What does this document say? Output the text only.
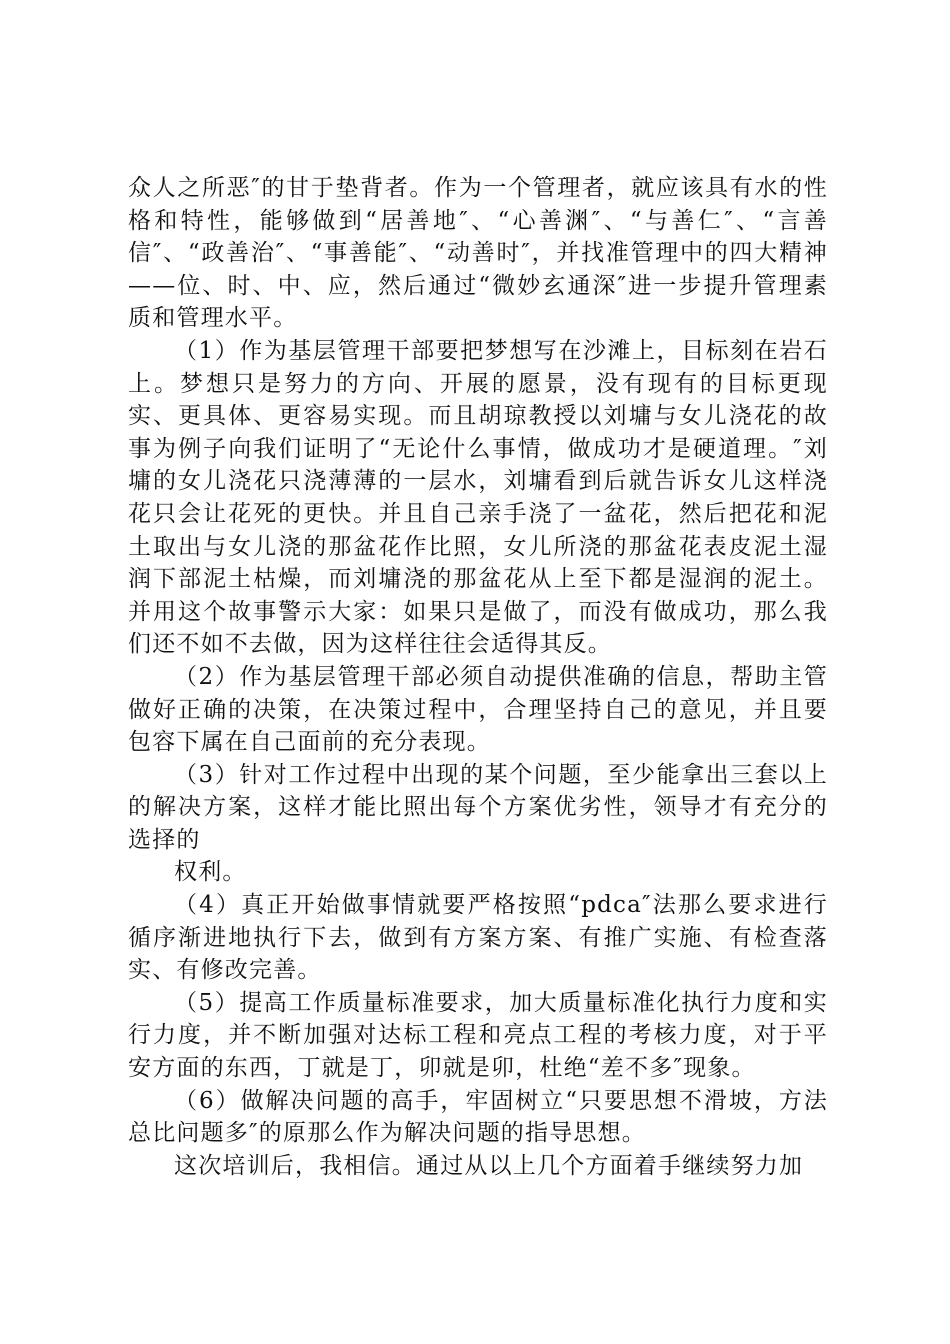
众人之所恶″的甘于垫背者。作为一个管理者，就应该具有水的性格和特性，能够做到“居善地″、“心善渊″、“与善仁″、“言善信″、“政善治″、“事善能″、“动善时″，并找准管理中的四大精神——位、时、中、应，然后通过“微妙玄通深″进一步提升管理素质和管理水平。

（1）作为基层管理干部要把梦想写在沙滩上，目标刻在岩石上。梦想只是努力的方向、开展的愿景，没有现有的目标更现实、更具体、更容易实现。而且胡琼教授以刘墉与女儿浇花的故事为例子向我们证明了“无论什么事情，做成功才是硬道理。″刘墉的女儿浇花只浇薄薄的一层水，刘墉看到后就告诉女儿这样浇花只会让花死的更快。并且自己亲手浇了一盆花，然后把花和泥土取出与女儿浇的那盆花作比照，女儿所浇的那盆花表皮泥土湿润下部泥土枯燥，而刘墉浇的那盆花从上至下都是湿润的泥土。并用这个故事警示大家：如果只是做了，而没有做成功，那么我们还不如不去做，因为这样往往会适得其反。

（2）作为基层管理干部必须自动提供准确的信息，帮助主管做好正确的决策，在决策过程中，合理坚持自己的意见，并且要包容下属在自己面前的充分表现。

（3）针对工作过程中出现的某个问题，至少能拿出三套以上的解决方案，这样才能比照出每个方案优劣性，领导才有充分的选择的

权利。

（4）真正开始做事情就要严格按照“pdca″法那么要求进行循序渐进地执行下去，做到有方案方案、有推广实施、有检查落实、有修改完善。

（5）提高工作质量标准要求，加大质量标准化执行力度和实行力度，并不断加强对达标工程和亮点工程的考核力度，对于平安方面的东西，丁就是丁，卯就是卯，杜绝“差不多″现象。

（6）做解决问题的高手，牢固树立“只要思想不滑坡，方法总比问题多″的原那么作为解决问题的指导思想。

这次培训后，我相信。通过从以上几个方面着手继续努力加
